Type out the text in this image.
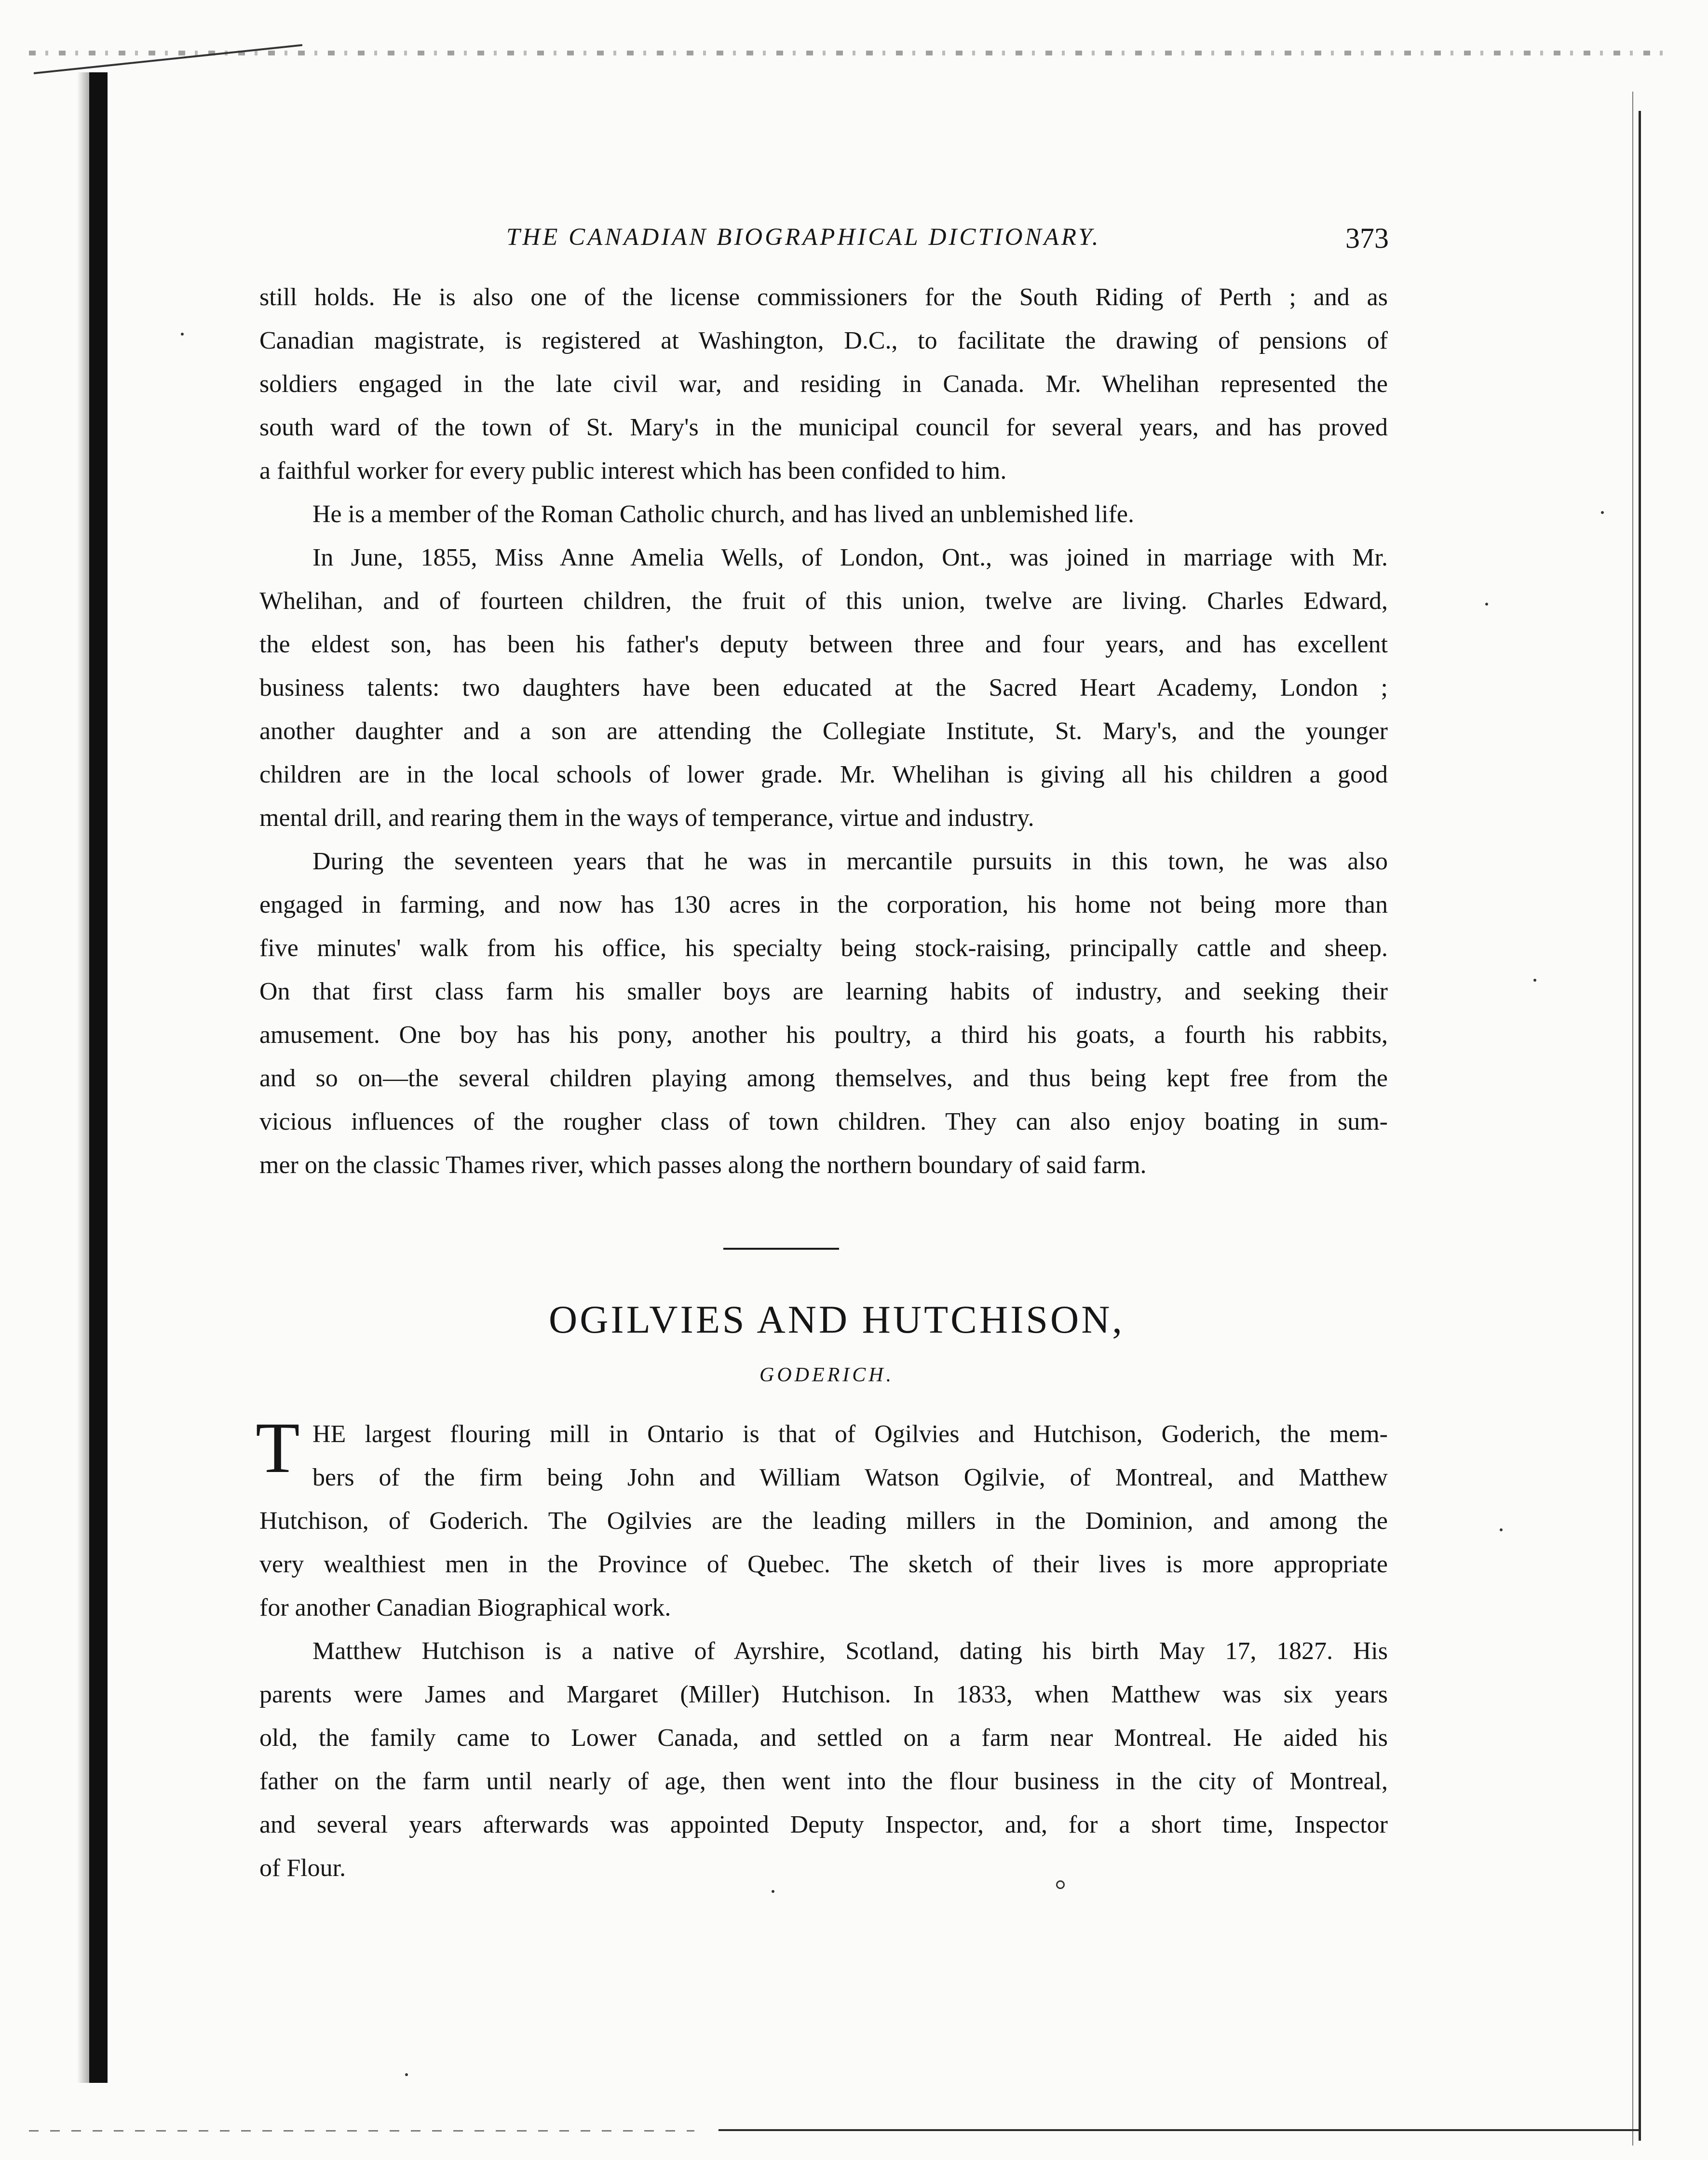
THE CANADIAN BIOGRAPHICAL DICTIONARY.	373
still holds. He is also one of the license commissioners for the South Riding of Perth ; and as
Canadian magistrate, is registered at Washington, D.C., to facilitate the drawing of pensions of
soldiers engaged in the late civil war, and residing in Canada. Mr. Whelihan represented the
south ward of the town of St. Mary's in the municipal council for several years, and has proved
a faithful worker for every public interest which has been confided to him.
He is a member of the Roman Catholic church, and has lived an unblemished life.
In June, 1855, Miss Anne Amelia Wells, of London, Ont., was joined in marriage with Mr.
Whelihan, and of fourteen children, the fruit of this union, twelve are living. Charles Edward,
the eldest son, has been his father's deputy between three and four years, and has excellent
business talents: two daughters have been educated at the Sacred Heart Academy, London ;
another daughter and a son are attending the Collegiate Institute, St. Mary's, and the younger
children are in the local schools of lower grade. Mr. Whelihan is giving all his children a good
mental drill, and rearing them in the ways of temperance, virtue and industry.
During the seventeen years that he was in mercantile pursuits in this town, he was also
engaged in farming, and now has 130 acres in the corporation, his home not being more than
five minutes' walk from his office, his specialty being stock-raising, principally cattle and sheep.
On that first class farm his smaller boys are learning habits of industry, and seeking their
amusement. One boy has his pony, another his poultry, a third his goats, a fourth his rabbits,
and so on—the several children playing among themselves, and thus being kept free from the
vicious influences of the rougher class of town children. They can also enjoy boating in sum-
mer on the classic Thames river, which passes along the northern boundary of said farm.
OGILVIES AND HUTCHISON,
GODERICH.
T HE largest flouring mill in Ontario is that of Ogilvies and Hutchison, Goderich, the mem-
bers of the firm being John and William Watson Ogilvie, of Montreal, and Matthew
Hutchison, of Goderich. The Ogilvies are the leading millers in the Dominion, and among the
very wealthiest men in the Province of Quebec. The sketch of their lives is more appropriate
for another Canadian Biographical work.
Matthew Hutchison is a native of Ayrshire, Scotland, dating his birth May 17, 1827. His
parents were James and Margaret (Miller) Hutchison. In 1833, when Matthew was six years
old, the family came to Lower Canada, and settled on a farm near Montreal. He aided his
father on the farm until nearly of age, then went into the flour business in the city of Montreal,
and several years afterwards was appointed Deputy Inspector, and, for a short time, Inspector
of Flour.
